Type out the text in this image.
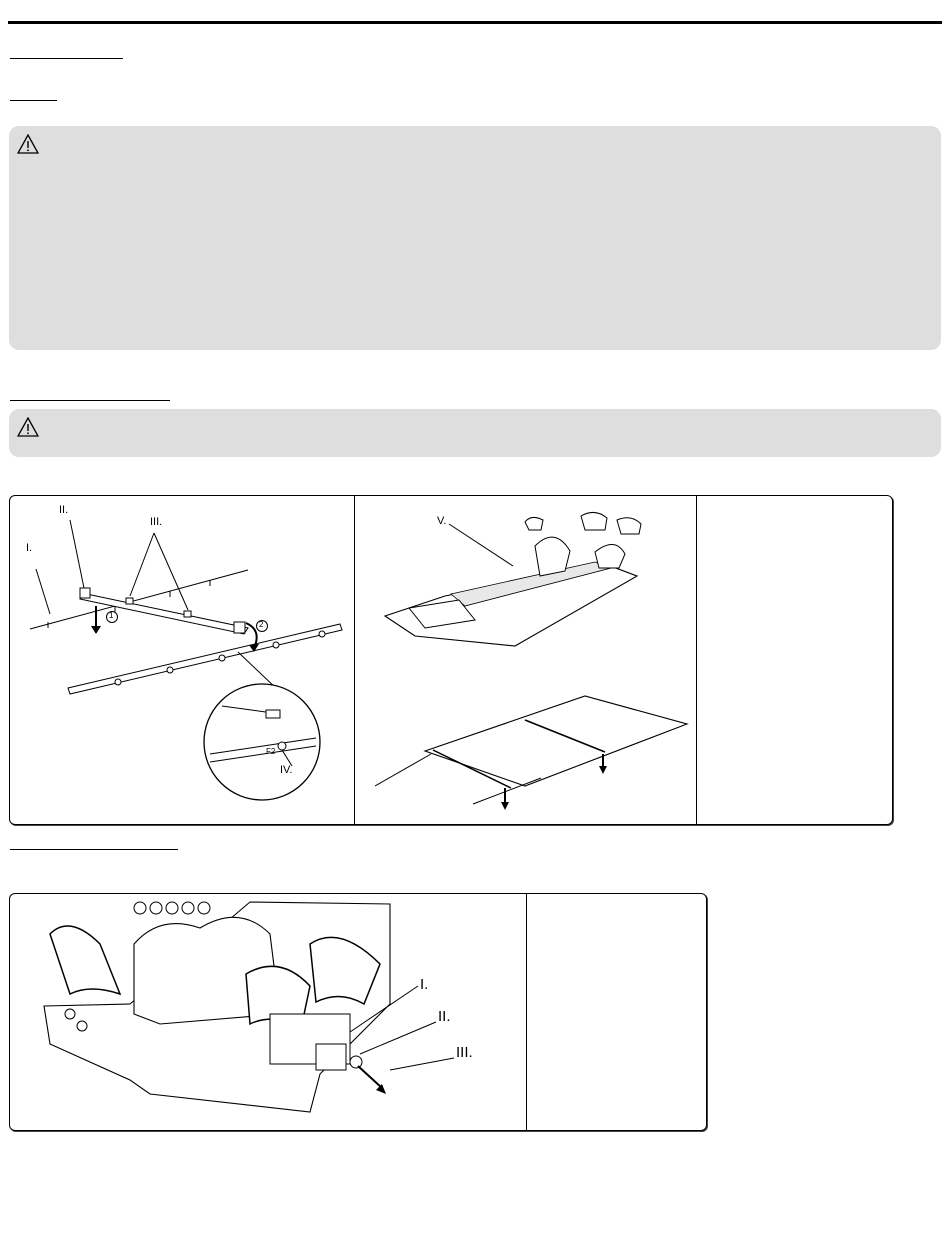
II.
III.
I.
IV.
1
2
F2
V.
I.
II.
III.
